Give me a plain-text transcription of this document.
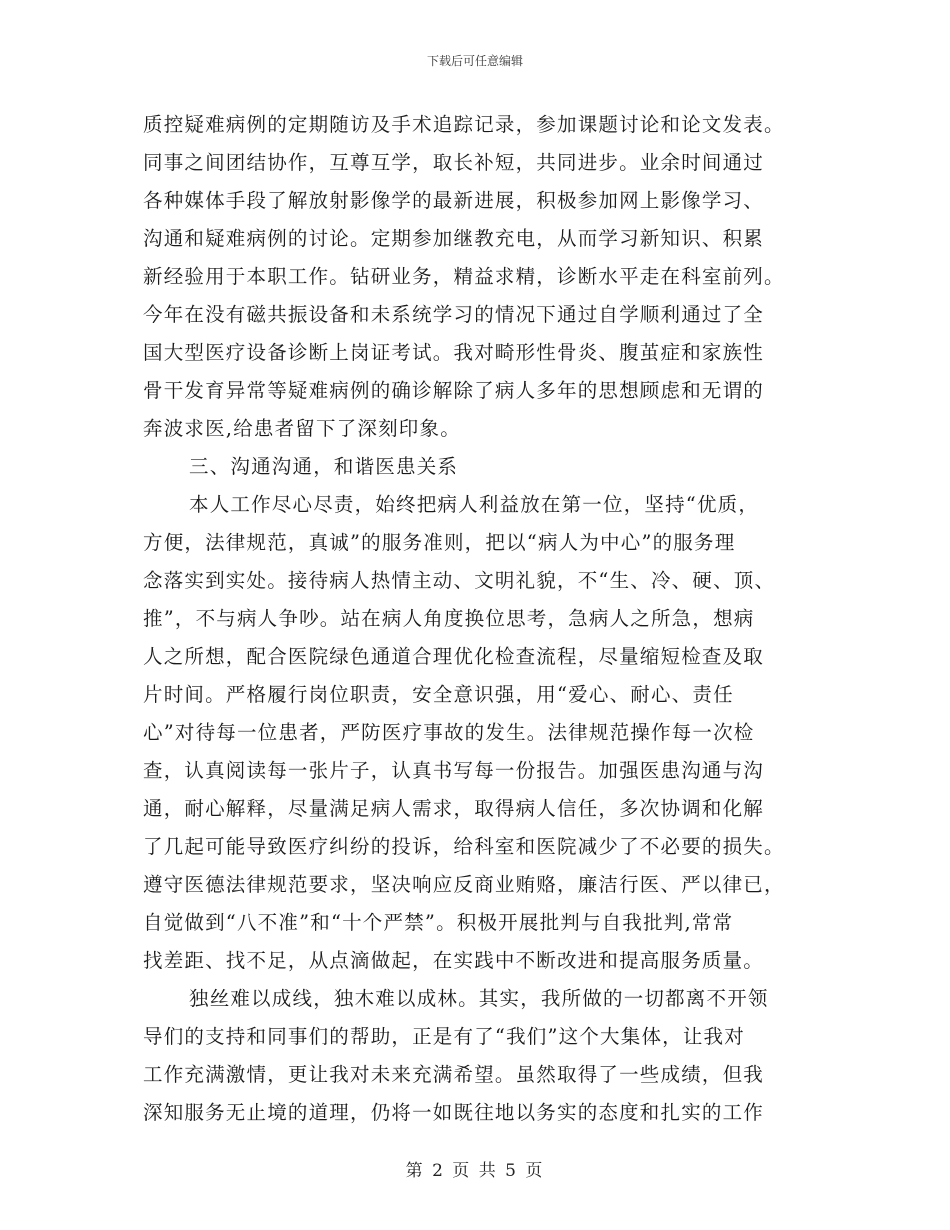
下载后可任意编辑

质控疑难病例的定期随访及手术追踪记录，参加课题讨论和论文发表。

同事之间团结协作，互尊互学，取长补短，共同进步。业余时间通过

各种媒体手段了解放射影像学的最新进展，积极参加网上影像学习、

沟通和疑难病例的讨论。定期参加继教充电，从而学习新知识、积累

新经验用于本职工作。钻研业务，精益求精，诊断水平走在科室前列。

今年在没有磁共振设备和未系统学习的情况下通过自学顺利通过了全

国大型医疗设备诊断上岗证考试。我对畸形性骨炎、腹茧症和家族性

骨干发育异常等疑难病例的确诊解除了病人多年的思想顾虑和无谓的

奔波求医,给患者留下了深刻印象。

三、沟通沟通，和谐医患关系

本人工作尽心尽责，始终把病人利益放在第一位，坚持“优质，

方便，法律规范，真诚”的服务准则，把以“病人为中心”的服务理

念落实到实处。接待病人热情主动、文明礼貌，不“生、冷、硬、顶、

推”，不与病人争吵。站在病人角度换位思考，急病人之所急，想病

人之所想，配合医院绿色通道合理优化检查流程，尽量缩短检查及取

片时间。严格履行岗位职责，安全意识强，用“爱心、耐心、责任

心”对待每一位患者，严防医疗事故的发生。法律规范操作每一次检

查，认真阅读每一张片子，认真书写每一份报告。加强医患沟通与沟

通，耐心解释，尽量满足病人需求，取得病人信任，多次协调和化解

了几起可能导致医疗纠纷的投诉，给科室和医院减少了不必要的损失。

遵守医德法律规范要求，坚决响应反商业贿赂，廉洁行医、严以律已，

自觉做到“八不准”和“十个严禁”。积极开展批判与自我批判,常常

找差距、找不足，从点滴做起，在实践中不断改进和提高服务质量。

独丝难以成线，独木难以成林。其实，我所做的一切都离不开领

导们的支持和同事们的帮助，正是有了“我们”这个大集体，让我对

工作充满激情，更让我对未来充满希望。虽然取得了一些成绩，但我

深知服务无止境的道理，仍将一如既往地以务实的态度和扎实的工作

第 2 页 共 5 页
